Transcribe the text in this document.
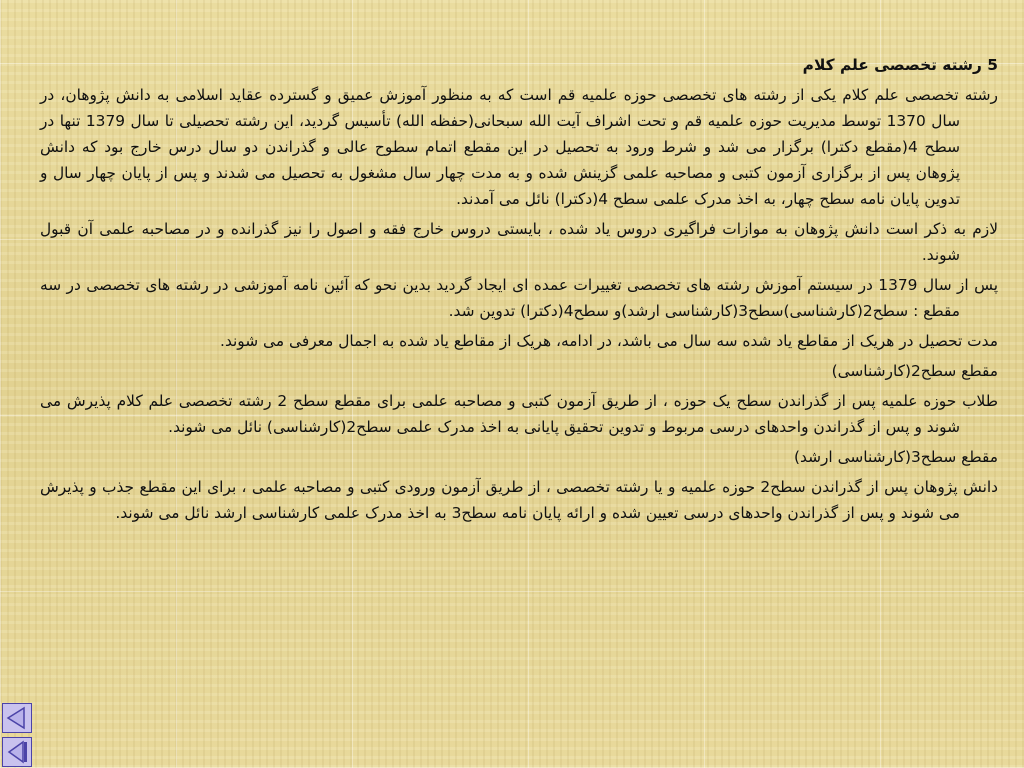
5 رشته تخصصی علم کلام

رشته تخصصی علم کلام یکی از رشته های تخصصی حوزه علمیه قم است که به منظور آموزش عمیق و گسترده عقاید اسلامی به دانش پژوهان، در سال 1370 توسط مدیریت حوزه علمیه قم و تحت اشراف آیت الله سبحانی(حفظه الله) تأسیس گردید، این رشته تحصیلی تا سال 1379 تنها در سطح 4(مقطع دکترا) برگزار می شد و شرط ورود به تحصیل در این مقطع اتمام سطوح عالی و گذراندن دو سال درس خارج بود که دانش پژوهان پس از برگزاری آزمون کتبی و مصاحبه علمی گزینش شده و به مدت چهار سال مشغول به تحصیل می شدند و پس از پایان چهار سال و تدوین پایان نامه سطح چهار، به اخذ مدرک علمی سطح 4(دکترا) نائل می آمدند.

لازم به ذکر است دانش پژوهان به موازات فراگیری دروس یاد شده ، بایستی دروس خارج فقه و اصول را نیز گذرانده و در مصاحبه علمی آن قبول شوند.

پس از سال 1379 در سیستم آموزش رشته های تخصصی تغییرات عمده ای ایجاد گردید بدین نحو که آئین نامه آموزشی در رشته های تخصصی در سه مقطع : سطح2(کارشناسی)سطح3(کارشناسی ارشد)و سطح4(دکترا) تدوین شد.

مدت تحصیل در هریک از مقاطع یاد شده سه سال می باشد، در ادامه، هریک از مقاطع یاد شده به اجمال معرفی می شوند.

مقطع سطح2(کارشناسی)

طلاب حوزه علمیه پس از گذراندن سطح یک حوزه ، از طریق آزمون کتبی و مصاحبه علمی برای مقطع سطح 2 رشته تخصصی علم کلام پذیرش می شوند و پس از گذراندن واحدهای درسی مربوط و تدوین تحقیق پایانی به اخذ مدرک علمی سطح2(کارشناسی) نائل می شوند.

مقطع سطح3(کارشناسی ارشد)

دانش پژوهان پس از گذراندن سطح2 حوزه علمیه و یا رشته تخصصی ، از طریق آزمون ورودی کتبی و مصاحبه علمی ، برای این مقطع جذب و پذیرش می شوند و پس از گذراندن واحدهای درسی تعیین شده و ارائه پایان نامه سطح3 به اخذ مدرک علمی کارشناسی ارشد نائل می شوند.
